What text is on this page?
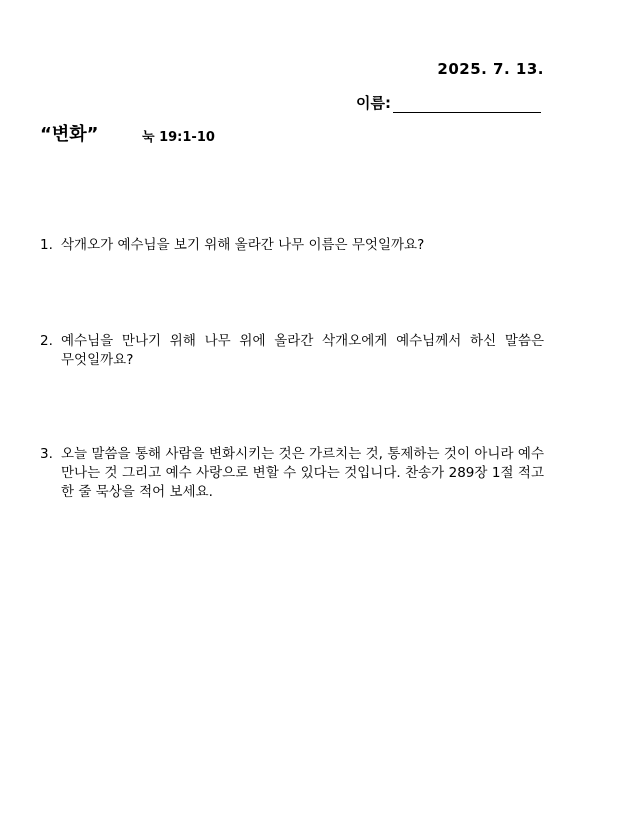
2025. 7. 13.
이름:
“변화”	눅 19:1-10
1. 삭개오가 예수님을 보기 위해 올라간 나무 이름은 무엇일까요?
2. 예수님을 만나기 위해 나무 위에 올라간 삭개오에게 예수님께서 하신 말씀은 무엇일까요?
3. 오늘 말씀을 통해 사람을 변화시키는 것은 가르치는 것, 통제하는 것이 아니라 예수 만나는 것 그리고 예수 사랑으로 변할 수 있다는 것입니다. 찬송가 289장 1절 적고 한 줄 묵상을 적어 보세요.
